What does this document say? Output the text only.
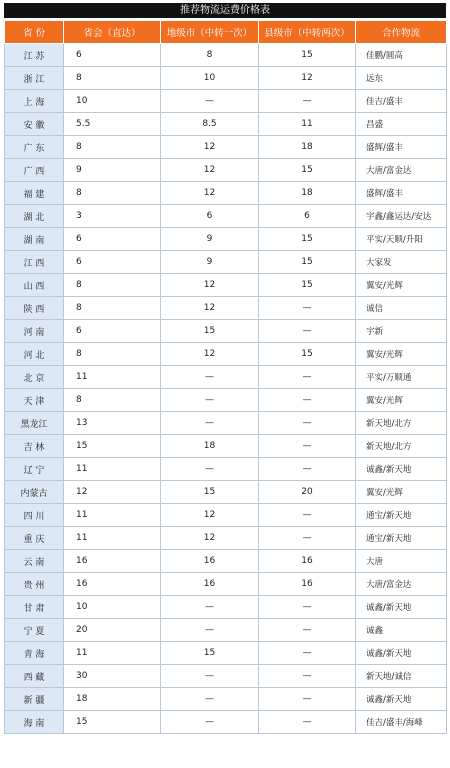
推荐物流运费价格表
省 份	省会（直达）	地级市（中转一次）	县级市（中转两次）	合作物流
江 苏	6	8	15	佳鹏/圆高
浙 江	8	10	12	远东
上 海	10	—	—	佳吉/盛丰
安 徽	5.5	8.5	11	昌盛
广 东	8	12	18	盛辉/盛丰
广 西	9	12	15	大唐/富金达
福 建	8	12	18	盛辉/盛丰
湖 北	3	6	6	宇鑫/鑫运达/安达
湖 南	6	9	15	平实/天顺/升阳
江 西	6	9	15	大家发
山 西	8	12	15	翼安/光辉
陕 西	8	12	—	诚信
河 南	6	15	—	宇新
河 北	8	12	15	翼安/光辉
北 京	11	—	—	平实/万顺通
天 津	8	—	—	翼安/光辉
黑龙江	13	—	—	新天地/北方
吉 林	15	18	—	新天地/北方
辽 宁	11	—	—	诚鑫/新天地
内蒙古	12	15	20	翼安/光辉
四 川	11	12	—	通宝/新天地
重 庆	11	12	—	通宝/新天地
云 南	16	16	16	大唐
贵 州	16	16	16	大唐/富金达
甘 肃	10	—	—	诚鑫/新天地
宁 夏	20	—	—	诚鑫
青 海	11	15	—	诚鑫/新天地
西 藏	30	—	—	新天地/诚信
新 疆	18	—	—	诚鑫/新天地
海 南	15	—	—	佳吉/盛丰/海峰
